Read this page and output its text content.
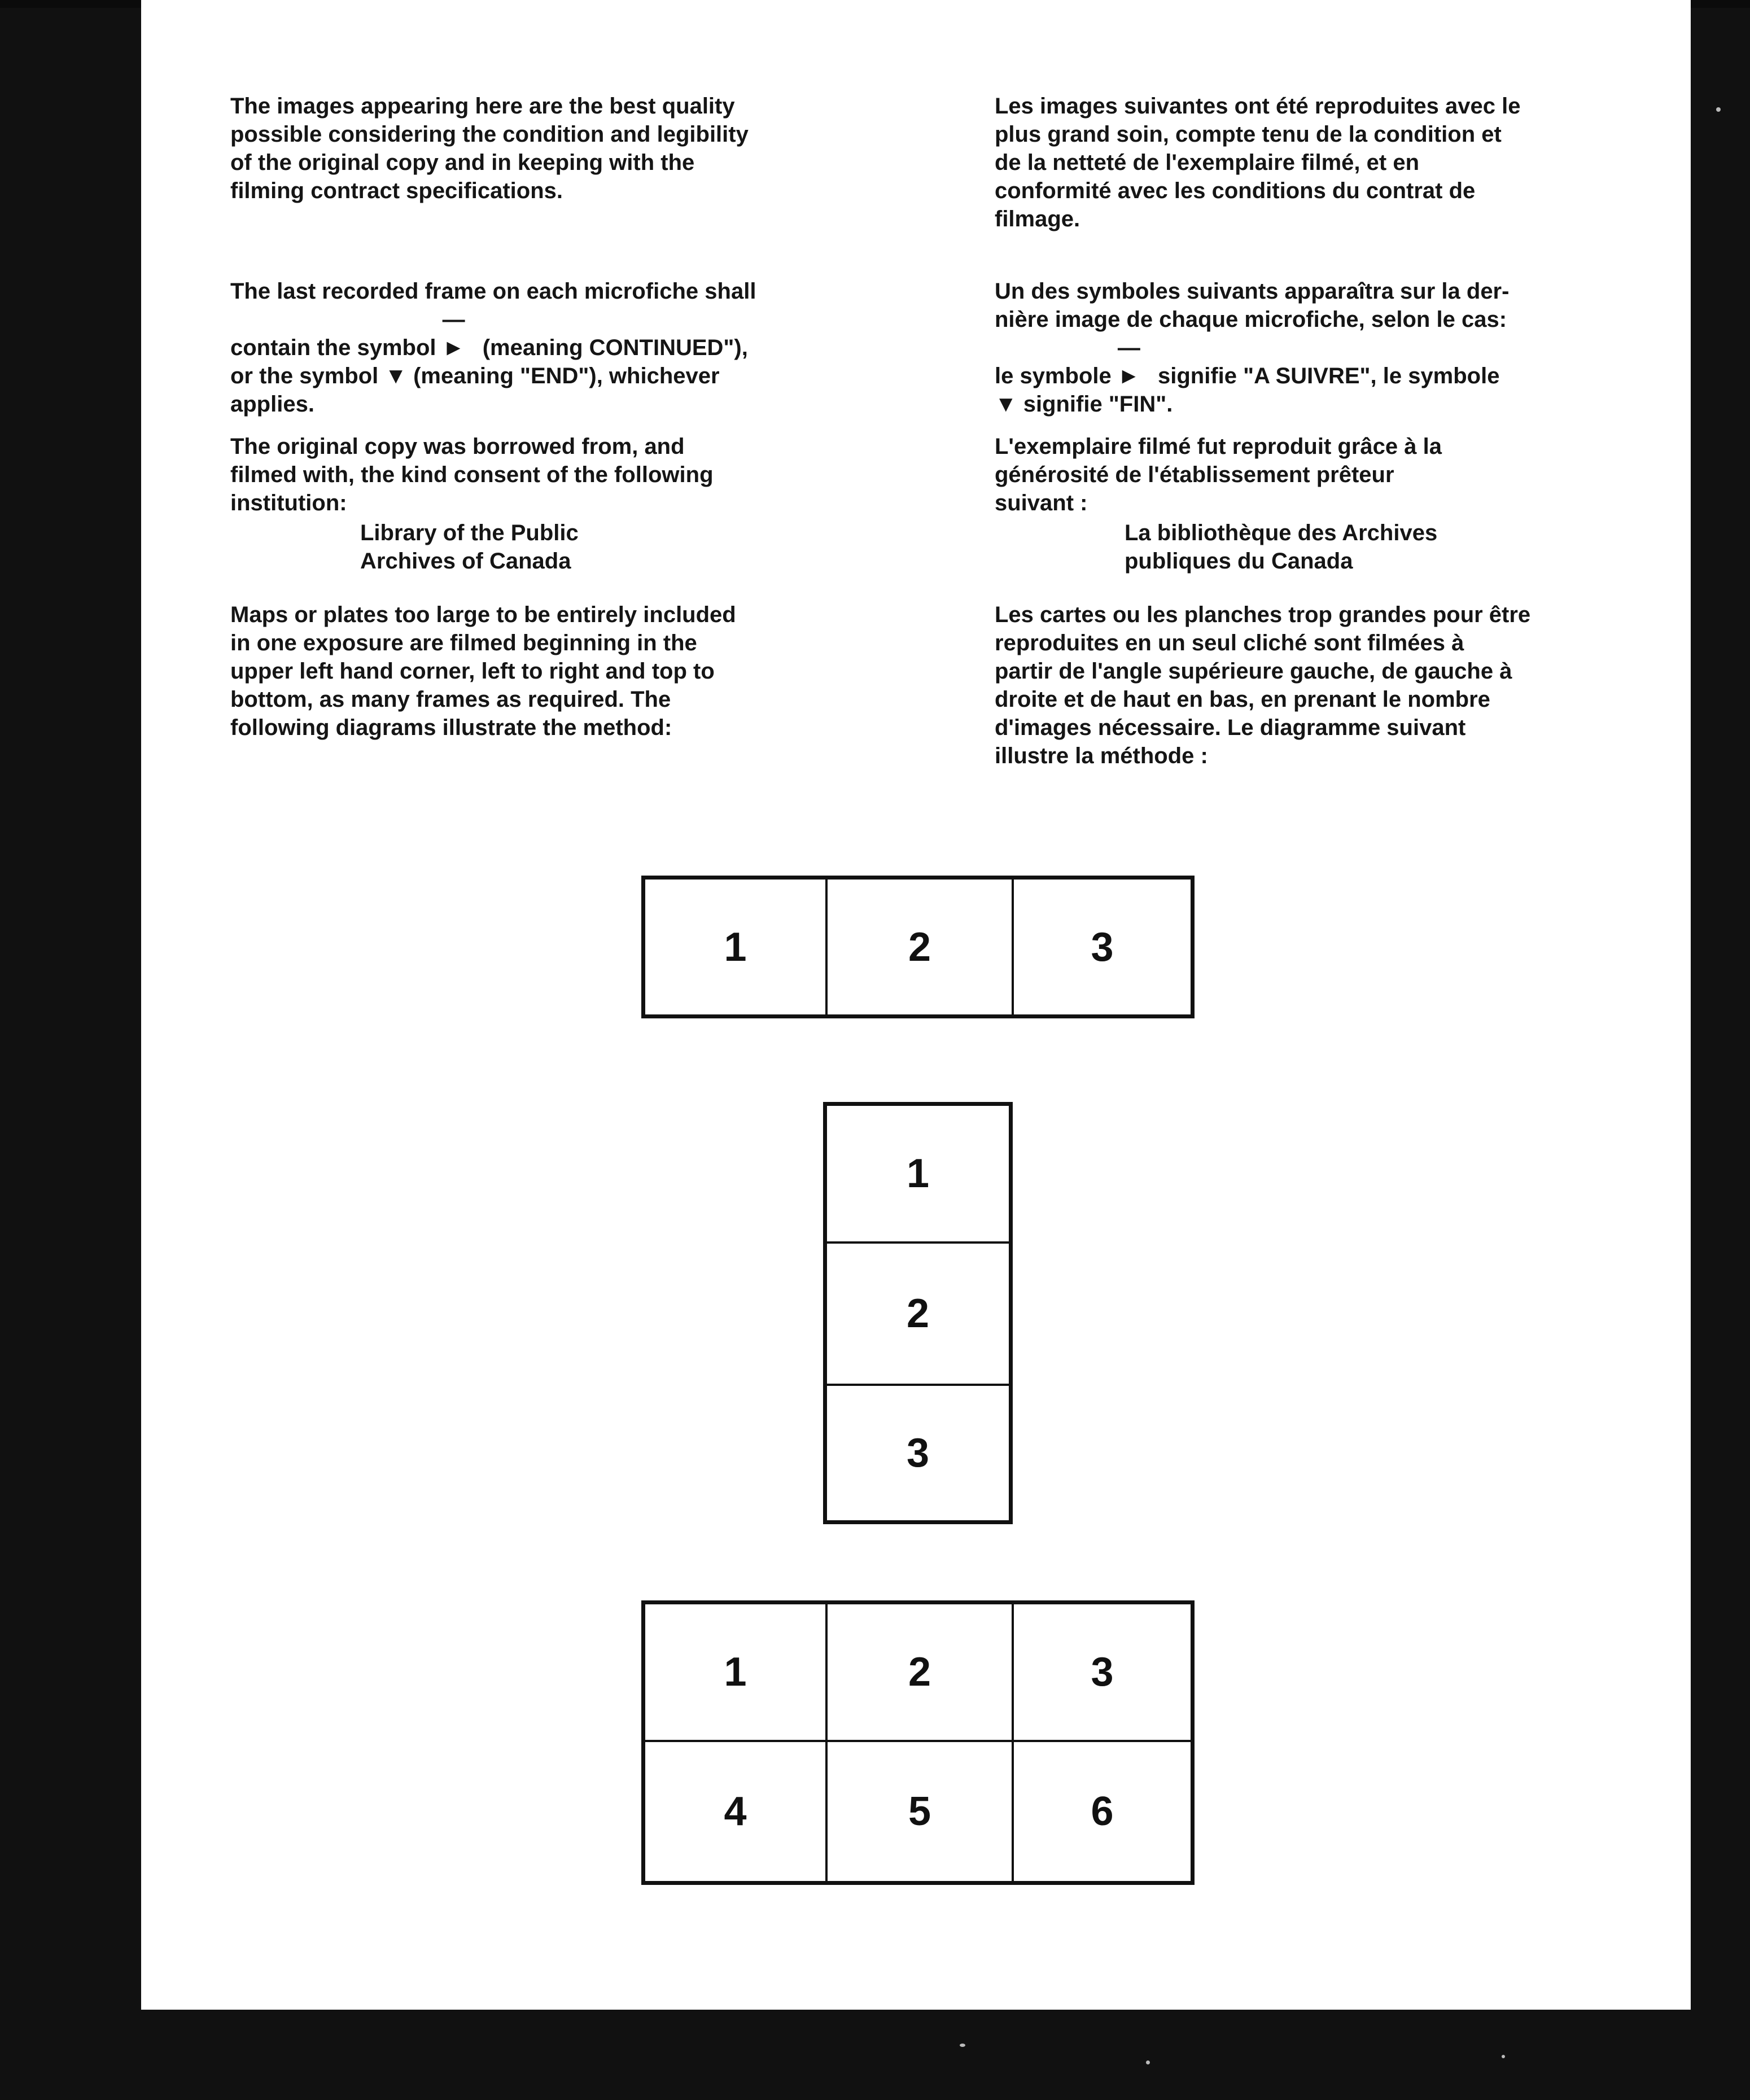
The images appearing here are the best quality
possible considering the condition and legibility
of the original copy and in keeping with the
filming contract specifications.

The last recorded frame on each microfiche shall
contain the symbol —► (meaning CONTINUED"),
or the symbol ▼ (meaning "END"), whichever
applies.

The original copy was borrowed from, and
filmed with, the kind consent of the following
institution:

Library of the Public
Archives of Canada

Maps or plates too large to be entirely included
in one exposure are filmed beginning in the
upper left hand corner, left to right and top to
bottom, as many frames as required. The
following diagrams illustrate the method:

Les images suivantes ont été reproduites avec le
plus grand soin, compte tenu de la condition et
de la netteté de l'exemplaire filmé, et en
conformité avec les conditions du contrat de
filmage.

Un des symboles suivants apparaîtra sur la der-
nière image de chaque microfiche, selon le cas:
le symbole —► signifie "A SUIVRE", le symbole
▼ signifie "FIN".

L'exemplaire filmé fut reproduit grâce à la
générosité de l'établissement prêteur
suivant :

La bibliothèque des Archives
publiques du Canada

Les cartes ou les planches trop grandes pour être
reproduites en un seul cliché sont filmées à
partir de l'angle supérieure gauche, de gauche à
droite et de haut en bas, en prenant le nombre
d'images nécessaire. Le diagramme suivant
illustre la méthode :

1	2	3
1
2
3
1	2	3
4	5	6
